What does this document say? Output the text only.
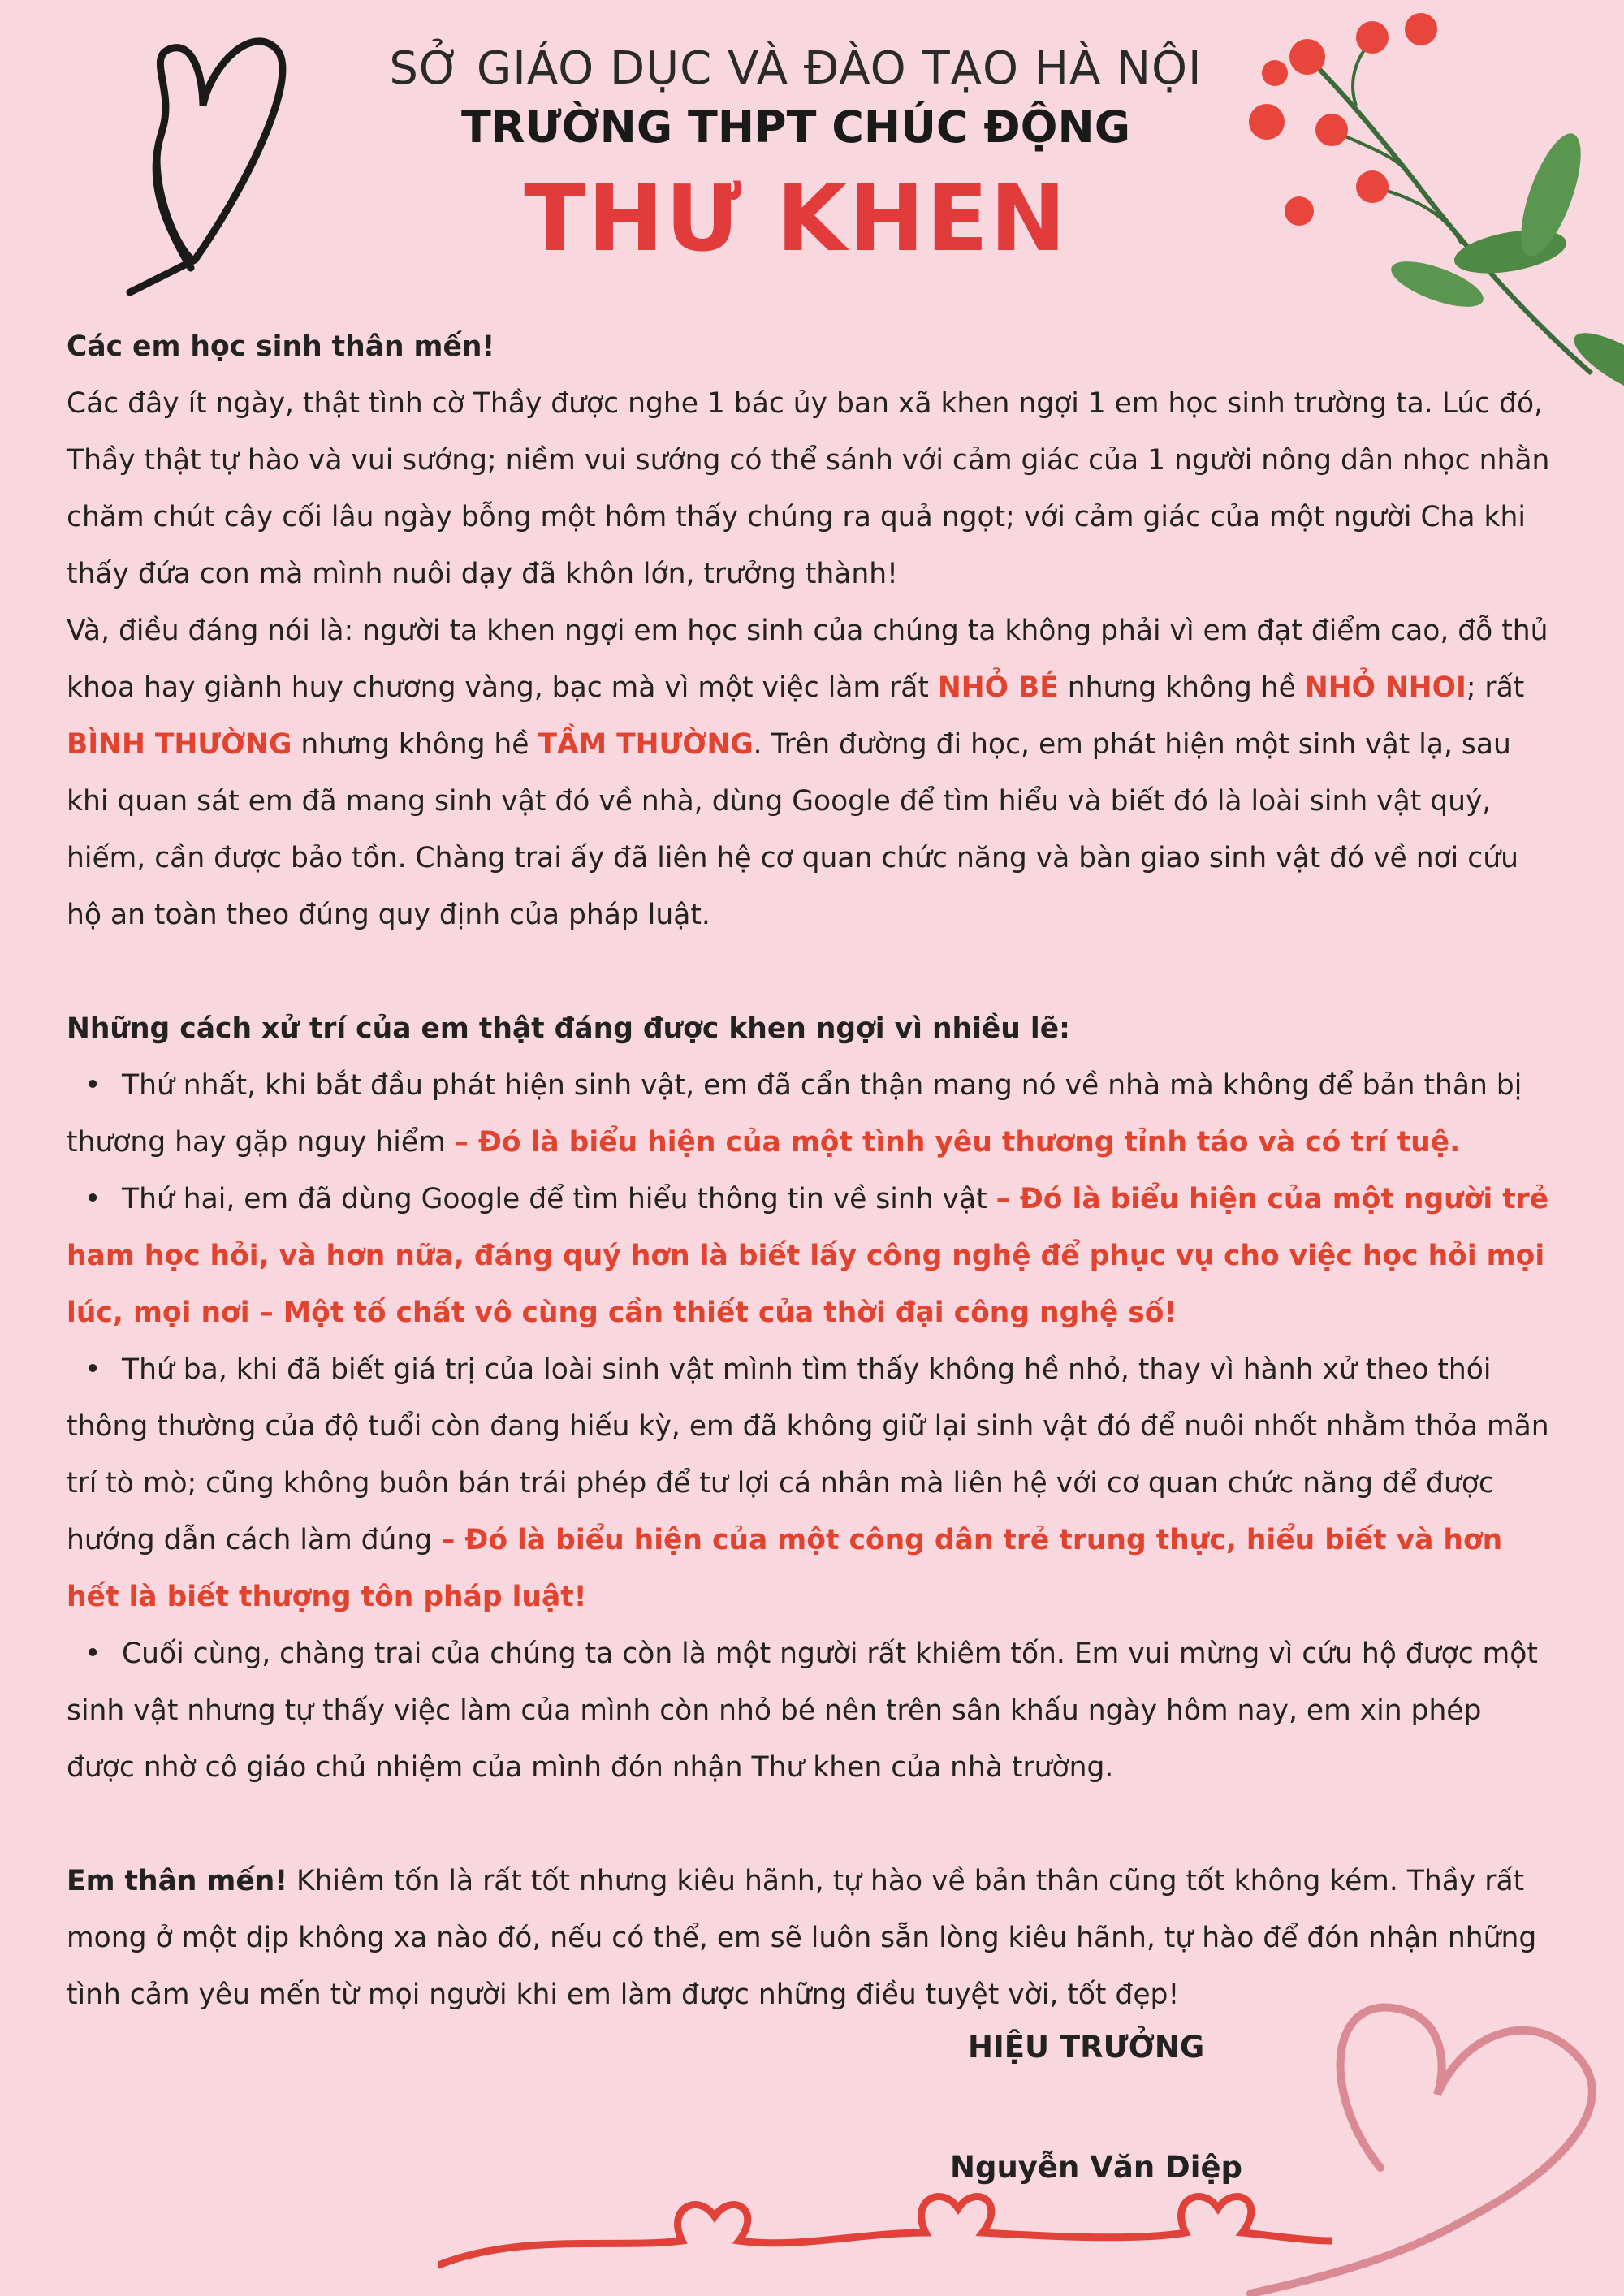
SỞ GIÁO DỤC VÀ ĐÀO TẠO HÀ NỘI
TRƯỜNG THPT CHÚC ĐỘNG
THƯ KHEN

Các em học sinh thân mến!

Các đây ít ngày, thật tình cờ Thầy được nghe 1 bác ủy ban xã khen ngợi 1 em học sinh trường ta. Lúc đó, Thầy thật tự hào và vui sướng; niềm vui sướng có thể sánh với cảm giác của 1 người nông dân nhọc nhằn chăm chút cây cối lâu ngày bỗng một hôm thấy chúng ra quả ngọt; với cảm giác của một người Cha khi thấy đứa con mà mình nuôi dạy đã khôn lớn, trưởng thành!

Và, điều đáng nói là: người ta khen ngợi em học sinh của chúng ta không phải vì em đạt điểm cao, đỗ thủ khoa hay giành huy chương vàng, bạc mà vì một việc làm rất NHỎ BÉ nhưng không hề NHỎ NHOI; rất BÌNH THƯỜNG nhưng không hề TẦM THƯỜNG. Trên đường đi học, em phát hiện một sinh vật lạ, sau khi quan sát em đã mang sinh vật đó về nhà, dùng Google để tìm hiểu và biết đó là loài sinh vật quý, hiếm, cần được bảo tồn. Chàng trai ấy đã liên hệ cơ quan chức năng và bàn giao sinh vật đó về nơi cứu hộ an toàn theo đúng quy định của pháp luật.

Những cách xử trí của em thật đáng được khen ngợi vì nhiều lẽ:

• Thứ nhất, khi bắt đầu phát hiện sinh vật, em đã cẩn thận mang nó về nhà mà không để bản thân bị thương hay gặp nguy hiểm – Đó là biểu hiện của một tình yêu thương tỉnh táo và có trí tuệ.

• Thứ hai, em đã dùng Google để tìm hiểu thông tin về sinh vật – Đó là biểu hiện của một người trẻ ham học hỏi, và hơn nữa, đáng quý hơn là biết lấy công nghệ để phục vụ cho việc học hỏi mọi lúc, mọi nơi – Một tố chất vô cùng cần thiết của thời đại công nghệ số!

• Thứ ba, khi đã biết giá trị của loài sinh vật mình tìm thấy không hề nhỏ, thay vì hành xử theo thói thông thường của độ tuổi còn đang hiếu kỳ, em đã không giữ lại sinh vật đó để nuôi nhốt nhằm thỏa mãn trí tò mò; cũng không buôn bán trái phép để tư lợi cá nhân mà liên hệ với cơ quan chức năng để được hướng dẫn cách làm đúng – Đó là biểu hiện của một công dân trẻ trung thực, hiểu biết và hơn hết là biết thượng tôn pháp luật!

• Cuối cùng, chàng trai của chúng ta còn là một người rất khiêm tốn. Em vui mừng vì cứu hộ được một sinh vật nhưng tự thấy việc làm của mình còn nhỏ bé nên trên sân khấu ngày hôm nay, em xin phép được nhờ cô giáo chủ nhiệm của mình đón nhận Thư khen của nhà trường.

Em thân mến! Khiêm tốn là rất tốt nhưng kiêu hãnh, tự hào về bản thân cũng tốt không kém. Thầy rất mong ở một dịp không xa nào đó, nếu có thể, em sẽ luôn sẵn lòng kiêu hãnh, tự hào để đón nhận những tình cảm yêu mến từ mọi người khi em làm được những điều tuyệt vời, tốt đẹp!

HIỆU TRƯỞNG
Nguyễn Văn Diệp
